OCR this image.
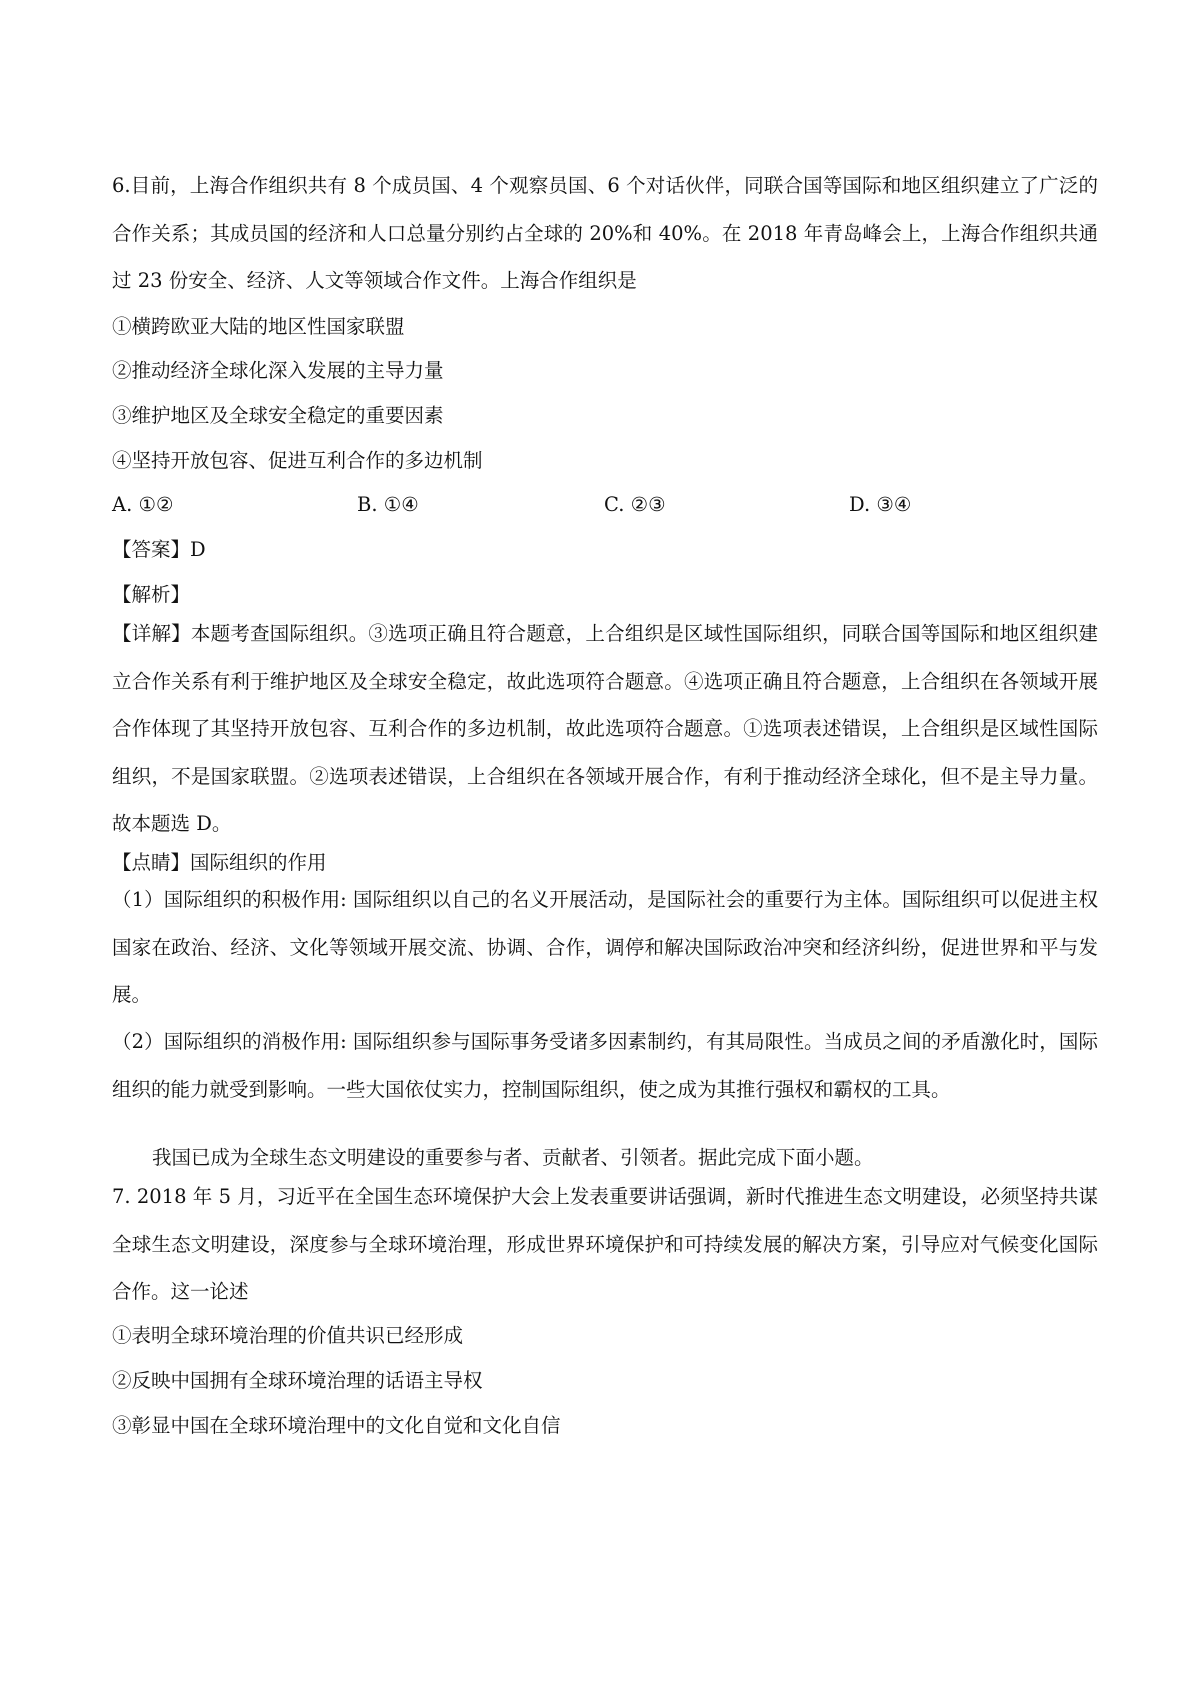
6.目前，上海合作组织共有 8 个成员国、4 个观察员国、6 个对话伙伴，同联合国等国际和地区组织建立了广泛的合作关系；其成员国的经济和人口总量分别约占全球的 20%和 40%。在 2018 年青岛峰会上，上海合作组织共通过 23 份安全、经济、人文等领域合作文件。上海合作组织是
①横跨欧亚大陆的地区性国家联盟
②推动经济全球化深入发展的主导力量
③维护地区及全球安全稳定的重要因素
④坚持开放包容、促进互利合作的多边机制
A. ①②	B. ①④	C. ②③	D. ③④
【答案】D
【解析】
【详解】本题考查国际组织。③选项正确且符合题意，上合组织是区域性国际组织，同联合国等国际和地区组织建立合作关系有利于维护地区及全球安全稳定，故此选项符合题意。④选项正确且符合题意，上合组织在各领域开展合作体现了其坚持开放包容、互利合作的多边机制，故此选项符合题意。①选项表述错误，上合组织是区域性国际组织，不是国家联盟。②选项表述错误，上合组织在各领域开展合作，有利于推动经济全球化，但不是主导力量。故本题选 D。
【点睛】国际组织的作用
（1）国际组织的积极作用: 国际组织以自己的名义开展活动，是国际社会的重要行为主体。国际组织可以促进主权国家在政治、经济、文化等领域开展交流、协调、合作，调停和解决国际政治冲突和经济纠纷，促进世界和平与发展。
（2）国际组织的消极作用: 国际组织参与国际事务受诸多因素制约，有其局限性。当成员之间的矛盾激化时，国际组织的能力就受到影响。一些大国依仗实力，控制国际组织，使之成为其推行强权和霸权的工具。
我国已成为全球生态文明建设的重要参与者、贡献者、引领者。据此完成下面小题。
7. 2018 年 5 月，习近平在全国生态环境保护大会上发表重要讲话强调，新时代推进生态文明建设，必须坚持共谋全球生态文明建设，深度参与全球环境治理，形成世界环境保护和可持续发展的解决方案，引导应对气候变化国际合作。这一论述
①表明全球环境治理的价值共识已经形成
②反映中国拥有全球环境治理的话语主导权
③彰显中国在全球环境治理中的文化自觉和文化自信
